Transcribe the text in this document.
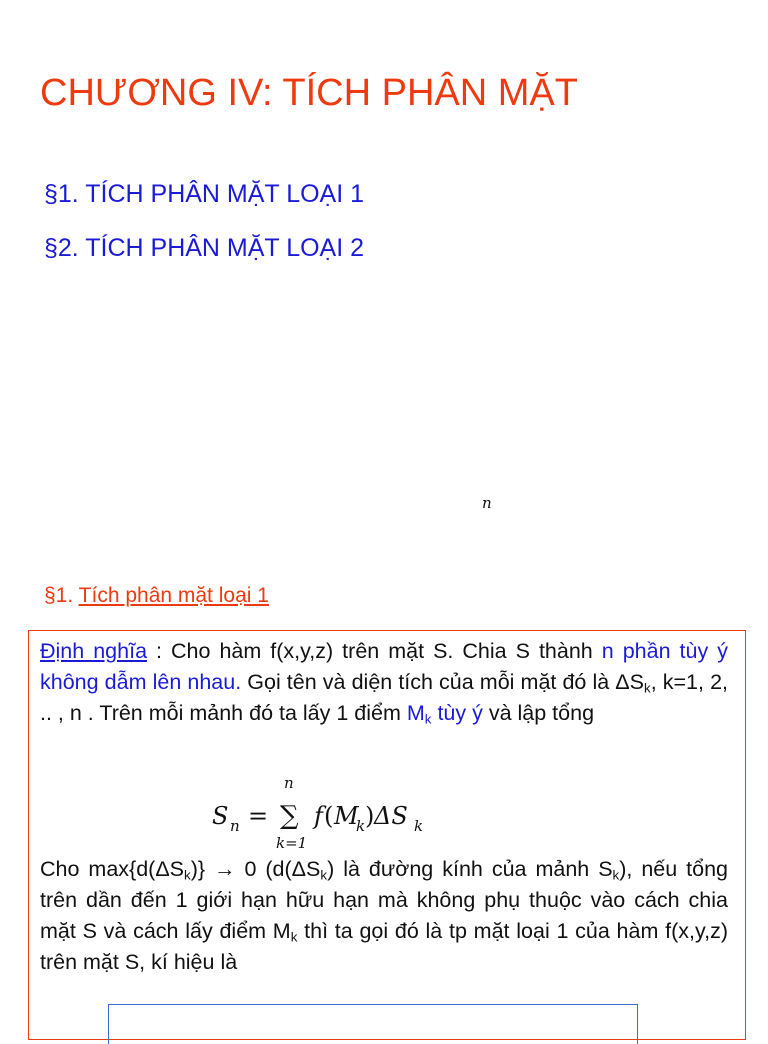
CHƯƠNG IV: TÍCH PHÂN MẶT
§1. TÍCH PHÂN MẶT LOẠI 1
§2. TÍCH PHÂN MẶT LOẠI 2
§1. Tích phân mặt loại 1
Định nghĩa : Cho hàm f(x,y,z) trên mặt S. Chia S thành n phần tùy ý không dẫm lên nhau. Gọi tên và diện tích của mỗi mặt đó là $\Delta S_k$, k=1, 2, .. , n . Trên mỗi mảnh đó ta lấy 1 điểm $M_k$ tùy ý và lập tổng
S n =
n
∑
k=1
f ( M
k ) ΔS k
Cho $\max\{d(\Delta S_k)\} \to 0$ ($d(\Delta S_k)$ là đường kính của mảnh $S_k$), nếu tổng trên dần đến 1 giới hạn hữu hạn mà không phụ thuộc vào cách chia mặt S và cách lấy điểm $M_k$ thì ta gọi đó là tp mặt loại 1 của hàm f(x,y,z) trên mặt S, kí hiệu là
n
